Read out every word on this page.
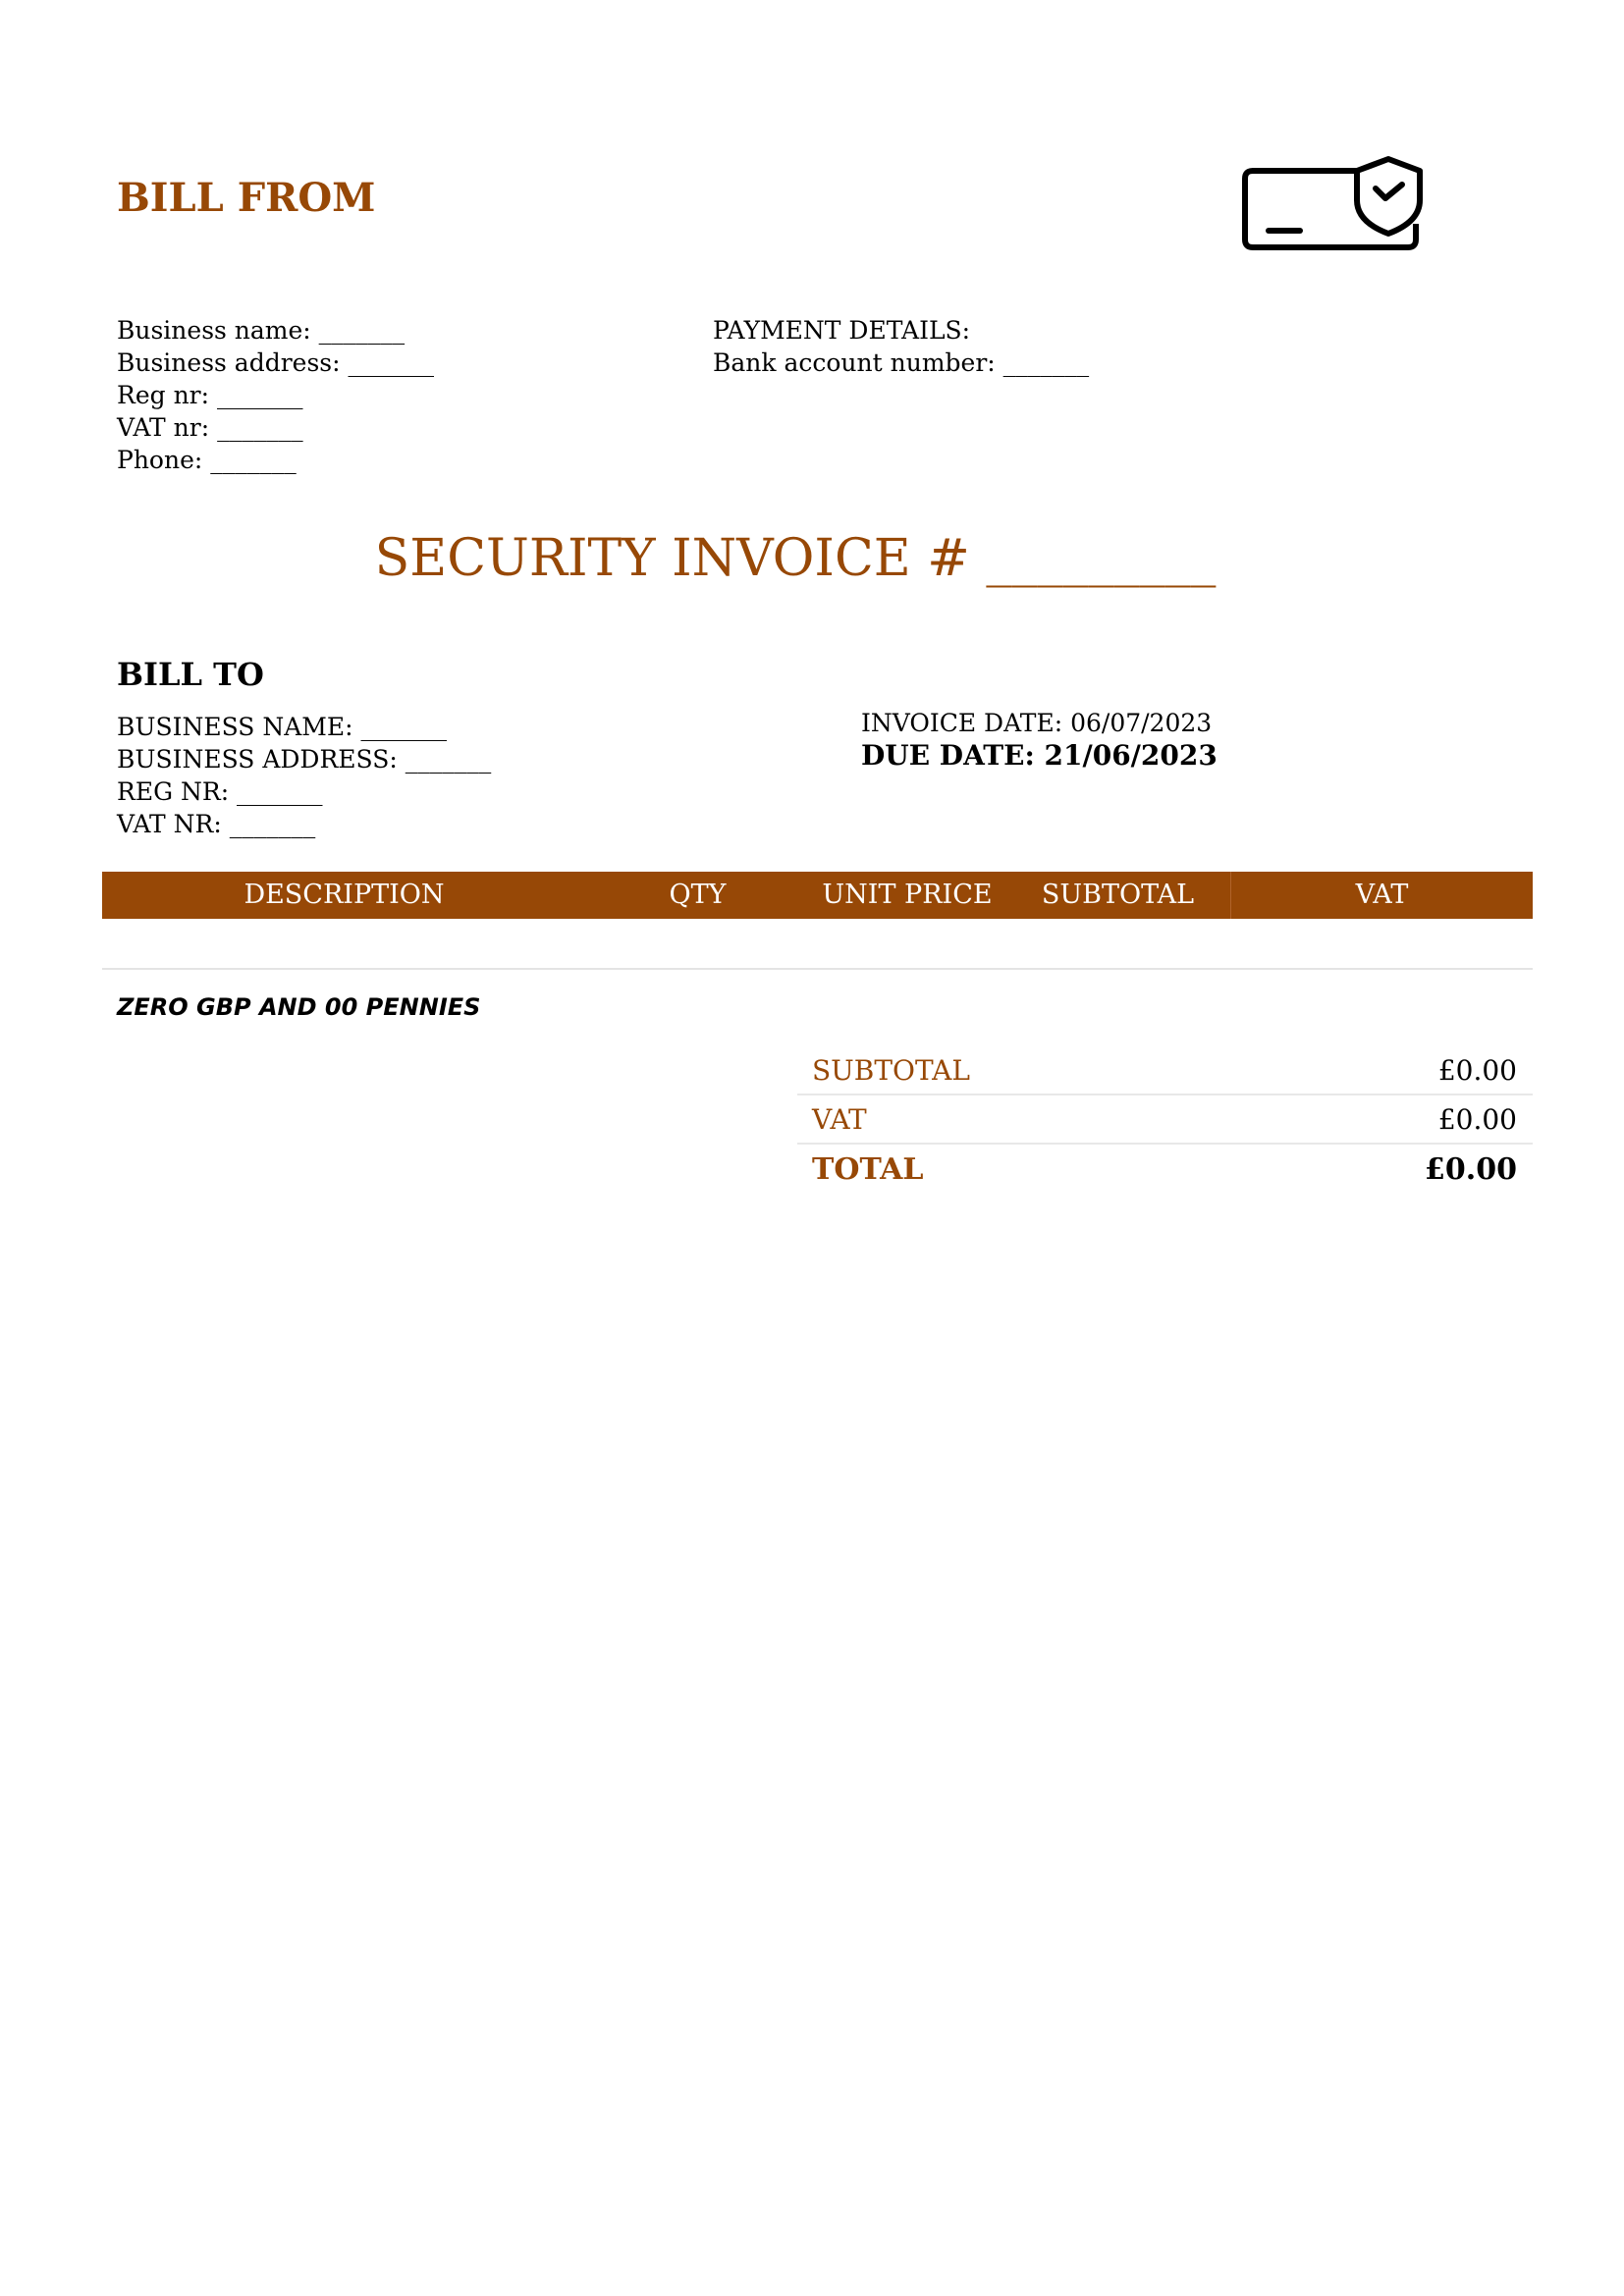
BILL FROM
Business name: _______
Business address: _______
Reg nr: _______
VAT nr: _______
Phone: _______
PAYMENT DETAILS:
Bank account number: _______
SECURITY INVOICE # _________
BILL TO
BUSINESS NAME: _______
BUSINESS ADDRESS: _______
REG NR: _______
VAT NR: _______
INVOICE DATE: 06/07/2023
DUE DATE: 21/06/2023
DESCRIPTION	QTY	UNIT PRICE	SUBTOTAL	VAT
ZERO GBP AND 00 PENNIES
SUBTOTAL	£0.00
VAT	£0.00
TOTAL	£0.00
